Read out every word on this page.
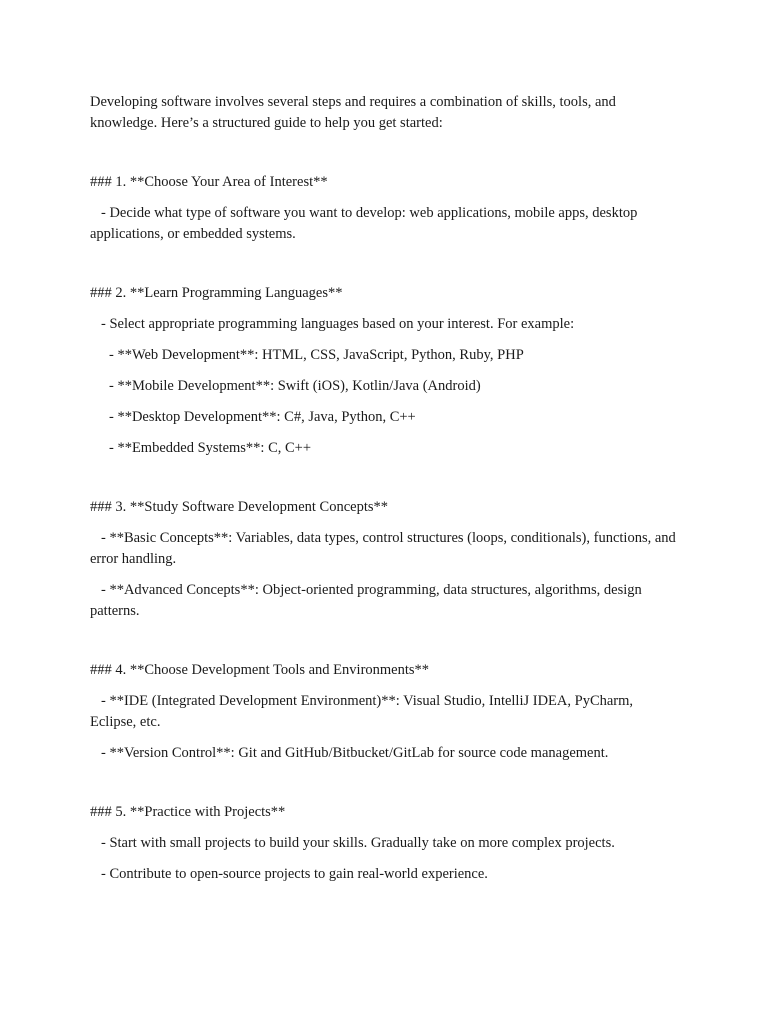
Developing software involves several steps and requires a combination of skills, tools, and knowledge. Here’s a structured guide to help you get started:

### 1. **Choose Your Area of Interest**

- Decide what type of software you want to develop: web applications, mobile apps, desktop applications, or embedded systems.

### 2. **Learn Programming Languages**

- Select appropriate programming languages based on your interest. For example:

- **Web Development**: HTML, CSS, JavaScript, Python, Ruby, PHP

- **Mobile Development**: Swift (iOS), Kotlin/Java (Android)

- **Desktop Development**: C#, Java, Python, C++

- **Embedded Systems**: C, C++

### 3. **Study Software Development Concepts**

- **Basic Concepts**: Variables, data types, control structures (loops, conditionals), functions, and error handling.

- **Advanced Concepts**: Object-oriented programming, data structures, algorithms, design patterns.

### 4. **Choose Development Tools and Environments**

- **IDE (Integrated Development Environment)**: Visual Studio, IntelliJ IDEA, PyCharm, Eclipse, etc.

- **Version Control**: Git and GitHub/Bitbucket/GitLab for source code management.

### 5. **Practice with Projects**

- Start with small projects to build your skills. Gradually take on more complex projects.

- Contribute to open-source projects to gain real-world experience.
